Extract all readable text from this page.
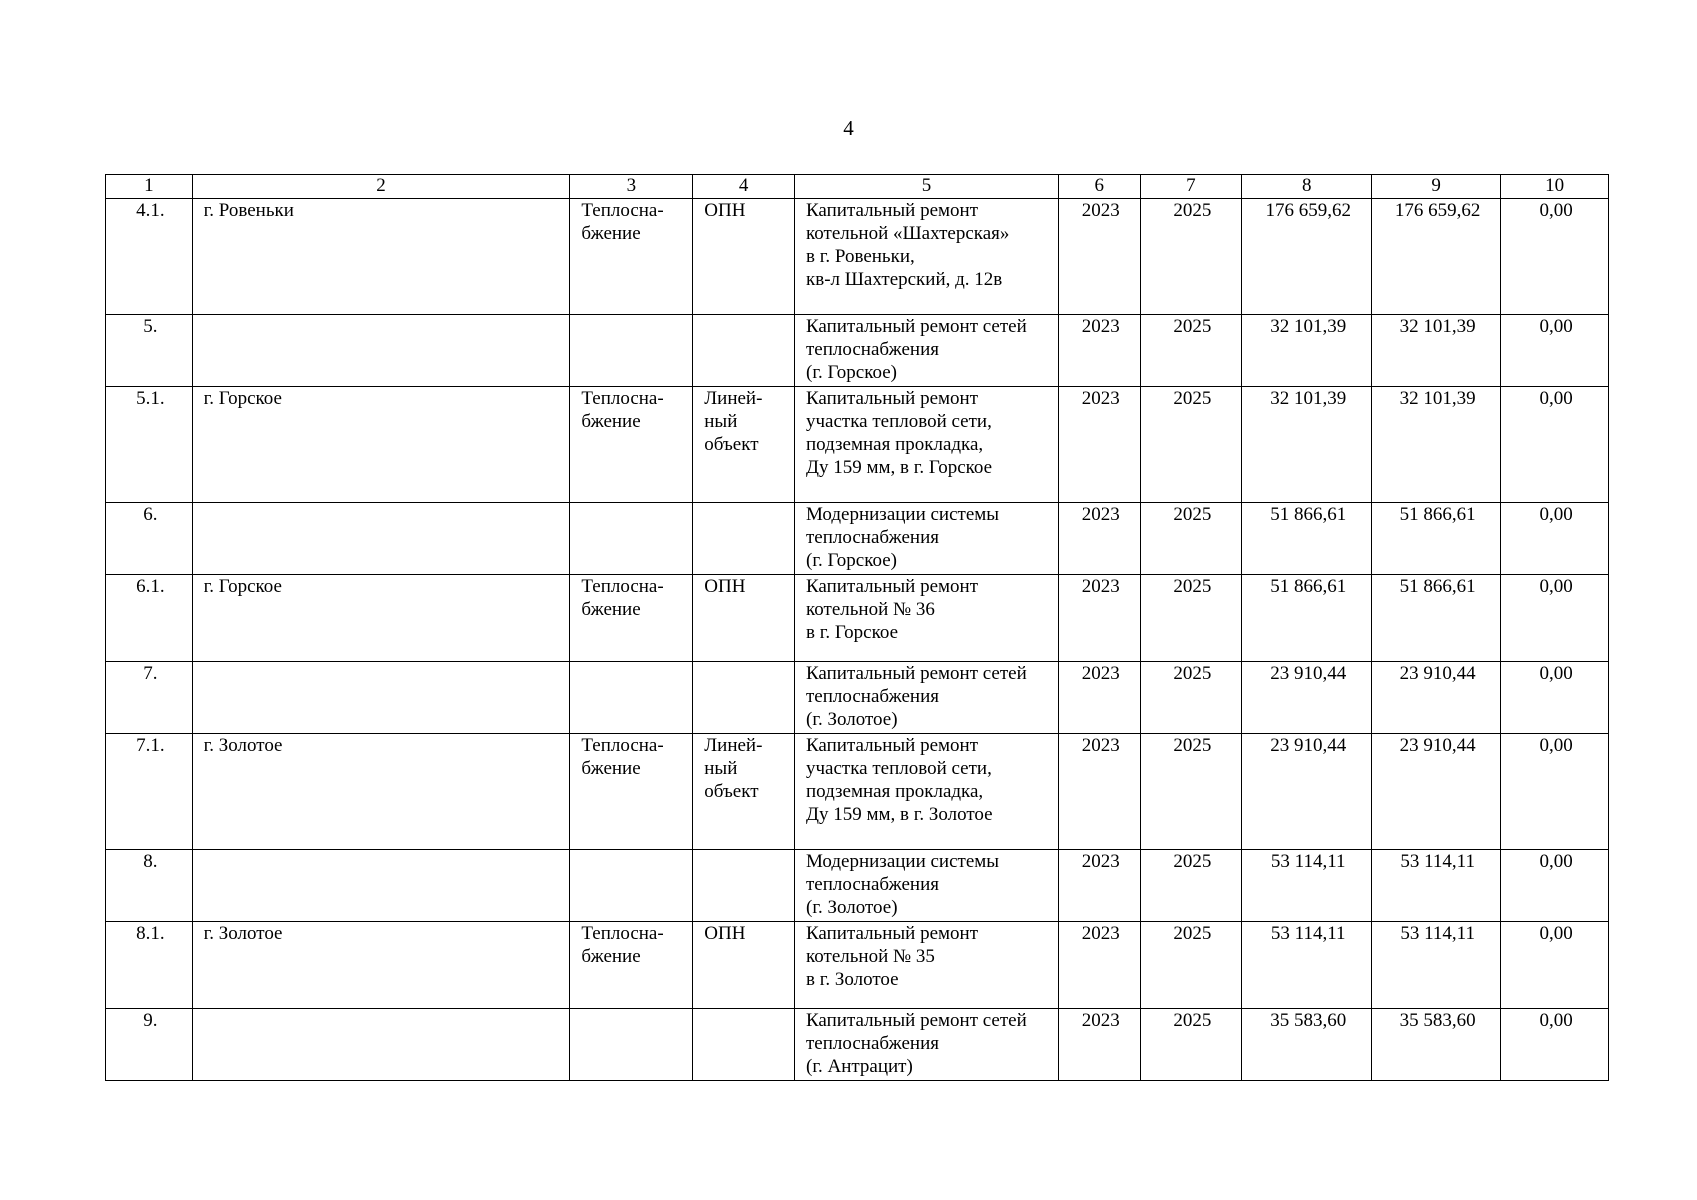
4
1	2	3	4	5	6	7	8	9	10
4.1.	г. Ровеньки	Теплосна-
бжение	ОПН	Капитальный ремонт
котельной «Шахтерская»
в г. Ровеньки,
кв-л Шахтерский, д. 12в	2023	2025	176 659,62	176 659,62	0,00
5.				Капитальный ремонт сетей
теплоснабжения
(г. Горское)	2023	2025	32 101,39	32 101,39	0,00
5.1.	г. Горское	Теплосна-
бжение	Линей-
ный
объект	Капитальный ремонт
участка тепловой сети,
подземная прокладка,
Ду 159 мм, в г. Горское	2023	2025	32 101,39	32 101,39	0,00
6.				Модернизации системы
теплоснабжения
(г. Горское)	2023	2025	51 866,61	51 866,61	0,00
6.1.	г. Горское	Теплосна-
бжение	ОПН	Капитальный ремонт
котельной № 36
в г. Горское	2023	2025	51 866,61	51 866,61	0,00
7.				Капитальный ремонт сетей
теплоснабжения
(г. Золотое)	2023	2025	23 910,44	23 910,44	0,00
7.1.	г. Золотое	Теплосна-
бжение	Линей-
ный
объект	Капитальный ремонт
участка тепловой сети,
подземная прокладка,
Ду 159 мм, в г. Золотое	2023	2025	23 910,44	23 910,44	0,00
8.				Модернизации системы
теплоснабжения
(г. Золотое)	2023	2025	53 114,11	53 114,11	0,00
8.1.	г. Золотое	Теплосна-
бжение	ОПН	Капитальный ремонт
котельной № 35
в г. Золотое	2023	2025	53 114,11	53 114,11	0,00
9.				Капитальный ремонт сетей
теплоснабжения
(г. Антрацит)	2023	2025	35 583,60	35 583,60	0,00
